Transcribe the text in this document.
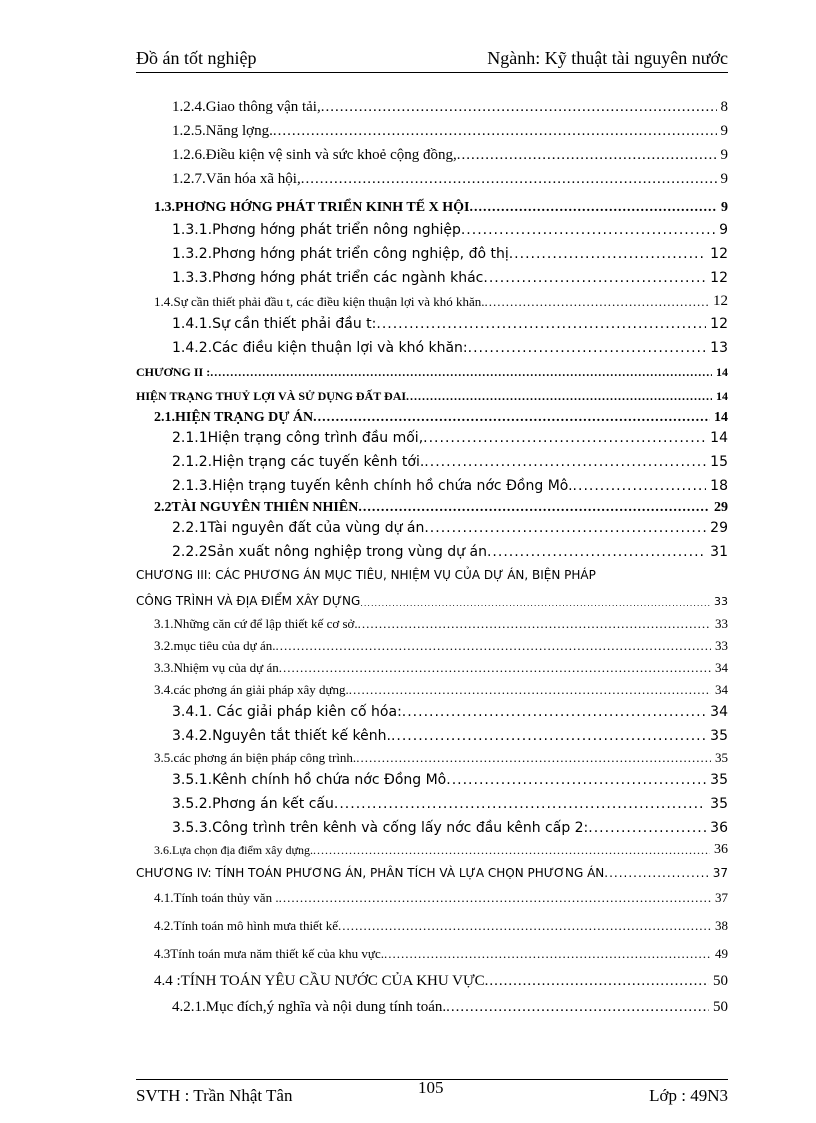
Đồ án tốt nghiệp	Ngành: Kỹ thuật tài nguyên nước
1.2.4. Giao thông vận tải, .....	8
1.2.5. Năng lợng. .....	9
1.2.6. Điều kiện vệ sinh và sức khoẻ cộng đồng, .....	9
1.2.7. Văn hóa xã hội, .....	9
1.3. PHƠNG HỚNG PHÁT TRIỂN KINH TẾ X HỘI .....	9
1.3.1. Phơng hớng phát triển nông nghiệp .....	9
1.3.2. Phơng hớng phát triển công nghiệp, đô thị .....	12
1.3.3. Phơng hớng phát triển các ngành khác .....	12
1.4. Sự cần thiết phải đầu t, các điều kiện thuận lợi và khó khăn. .....	12
1.4.1. Sự cần thiết phải đầu t: .....	12
1.4.2. Các điều kiện thuận lợi và khó khăn: .....	13
CHƯƠNG II : .....	14
HIỆN TRẠNG THUỶ LỢI VÀ SỬ DỤNG ĐẤT ĐAI .....	14
2.1. HIỆN TRẠNG DỰ ÁN .....	14
2.1.1 Hiện trạng công trình đầu mối, .....	14
2.1.2. Hiện trạng các tuyến kênh tới. .....	15
2.1.3. Hiện trạng tuyến kênh chính hồ chứa nớc Đồng Mô. .....	18
2.2 TÀI NGUYÊN THIÊN NHIÊN .....	29
2.2.1 Tài nguyên đất của vùng dự án .....	29
2.2.2 Sản xuất nông nghiệp trong vùng dự án .....	31
CHƯƠNG III: CÁC PHƯƠNG ÁN MỤC TIÊU, NHIỆM VỤ CỦA DỰ ÁN, BIỆN PHÁP
CÔNG TRÌNH VÀ ĐỊA ĐIỂM XÂY DỰNG .....	33
3.1. Những căn cứ để lập thiết kế cơ sở. .....	33
3.2. mục tiêu của dự án. .....	33
3.3. Nhiệm vụ của dự án .....	34
3.4. các phơng án giải pháp xây dựng. .....	34
3.4.1 . Các giải pháp kiên cố hóa: .....	34
3.4.2. Nguyên tắt thiết kế kênh. .....	35
3.5. các phơng án biện pháp công trình. .....	35
3.5.1. Kênh chính hồ chứa nớc Đồng Mô .....	35
3.5.2. Phơng án kết cấu .....	35
3.5.3. Công trình trên kênh và cống lấy nớc đầu kênh cấp 2: .....	36
3.6 .Lựa chọn địa điểm xây dựng. .....	36
CHƯƠNG IV: TÍNH TOÁN PHƯƠNG ÁN, PHÂN TÍCH VÀ LỰA CHỌN PHƯƠNG ÁN .....	37
4.1. Tính toán thủy văn . .....	37
4.2. Tính toán mô hình mưa thiết kế .....	38
4.3 Tính toán mưa năm thiết kế của khu vực. .....	49
4.4 : TÍNH TOÁN YÊU CẦU NƯỚC CỦA KHU VỰC .....	50
4.2.1. Mục đích,ý nghĩa và nội dung tính toán. .....	50
SVTH : Trần Nhật Tân	105	Lớp : 49N3
